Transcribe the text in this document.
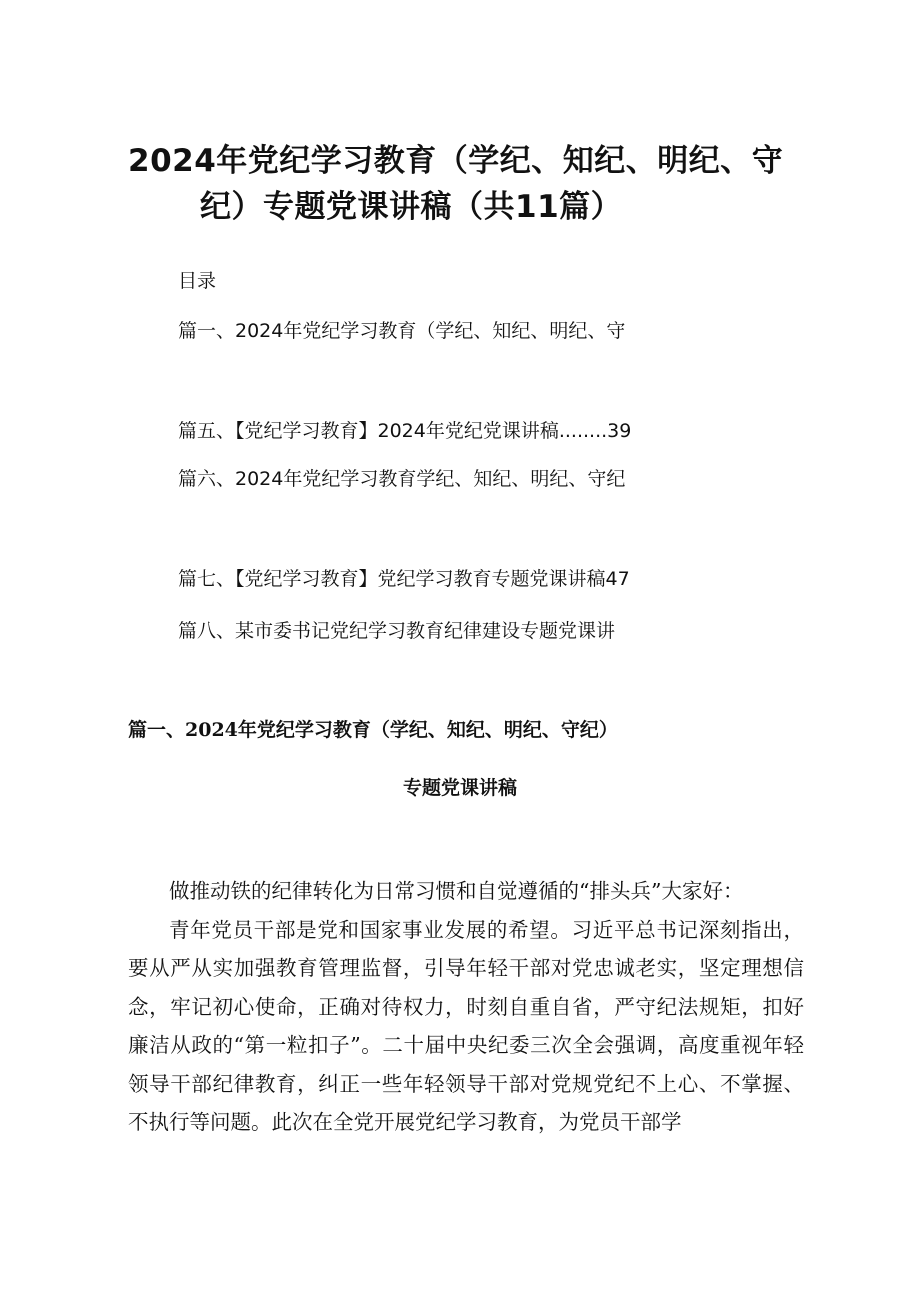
2024年党纪学习教育（学纪、知纪、明纪、守
纪）专题党课讲稿（共11篇）
目录
篇一、2024年党纪学习教育（学纪、知纪、明纪、守
篇五、【党纪学习教育】2024年党纪党课讲稿........39
篇六、2024年党纪学习教育学纪、知纪、明纪、守纪
篇七、【党纪学习教育】党纪学习教育专题党课讲稿47
篇八、某市委书记党纪学习教育纪律建设专题党课讲
篇一、2024年党纪学习教育（学纪、知纪、明纪、守纪）
专题党课讲稿

做推动铁的纪律转化为日常习惯和自觉遵循的“排头兵”大家好：

青年党员干部是党和国家事业发展的希望。习近平总书记深刻指出，要从严从实加强教育管理监督，引导年轻干部对党忠诚老实，坚定理想信念，牢记初心使命，正确对待权力，时刻自重自省，严守纪法规矩，扣好廉洁从政的“第一粒扣子”。二十届中央纪委三次全会强调，高度重视年轻领导干部纪律教育，纠正一些年轻领导干部对党规党纪不上心、不掌握、不执行等问题。此次在全党开展党纪学习教育，为党员干部学
